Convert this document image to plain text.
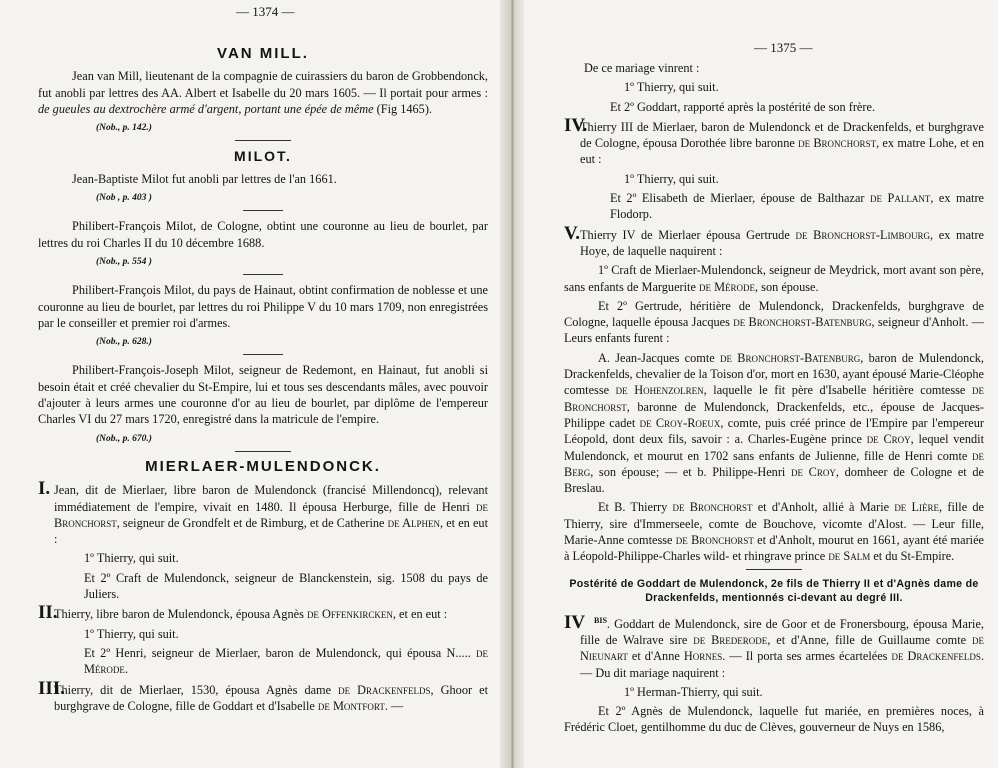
— 1374 —
VAN MILL.

Jean van Mill, lieutenant de la compagnie de cuirassiers du baron de Grobbendonck, fut anobli par lettres des AA. Albert et Isabelle du 20 mars 1605. — Il portait pour armes : de gueules au dextrochère armé d'argent, portant une épée de même (Fig 1465).

(Nob., p. 142.)
MILOT.

Jean-Baptiste Milot fut anobli par lettres de l'an 1661.

(Nob , p. 403 )

Philibert-François Milot, de Cologne, obtint une couronne au lieu de bourlet, par lettres du roi Charles II du 10 décembre 1688.

(Nob., p. 554 )

Philibert-François Milot, du pays de Hainaut, obtint confirmation de noblesse et une couronne au lieu de bourlet, par lettres du roi Philippe V du 10 mars 1709, non enregistrées par le conseiller et premier roi d'armes.

(Nob., p. 628.)

Philibert-François-Joseph Milot, seigneur de Redemont, en Hainaut, fut anobli si besoin était et créé chevalier du St-Empire, lui et tous ses descendants mâles, avec pouvoir d'ajouter à leurs armes une couronne d'or au lieu de bourlet, par diplôme de l'empereur Charles VI du 27 mars 1720, enregistré dans la matricule de l'empire.

(Nob., p. 670.)
MIERLAER-MULENDONCK.

I. Jean, dit de Mierlaer, libre baron de Mulendonck (francisé Millendoncq), relevant immédiatement de l'empire, vivait en 1480. Il épousa Herburge, fille de Henri de Bronchorst, seigneur de Grondfelt et de Rimburg, et de Catherine de Alphen, et en eut :

1º Thierry, qui suit.

Et 2º Craft de Mulendonck, seigneur de Blanckenstein, sig. 1508 du pays de Juliers.

II.Thierry, libre baron de Mulendonck, épousa Agnès de Offenkircken, et en eut :

1º Thierry, qui suit.

Et 2º Henri, seigneur de Mierlaer, baron de Mulendonck, qui épousa N..... de Mérode.

III.Thierry, dit de Mierlaer, 1530, épousa Agnès dame de Drackenfelds, Ghoor et burghgrave de Cologne, fille de Goddart et d'Isabelle de Montfort. —

— 1375 —

De ce mariage vinrent :

1º Thierry, qui suit.

Et 2º Goddart, rapporté après la postérité de son frère.

IV.Thierry III de Mierlaer, baron de Mulendonck et de Drackenfelds, et burghgrave de Cologne, épousa Dorothée libre baronne de Bronchorst, ex matre Lohe, et en eut :

1º Thierry, qui suit.

Et 2º Elisabeth de Mierlaer, épouse de Balthazar de Pallant, ex matre Flodorp.

V.Thierry IV de Mierlaer épousa Gertrude de Bronchorst-Limbourg, ex matre Hoye, de laquelle naquirent :

1º Craft de Mierlaer-Mulendonck, seigneur de Meydrick, mort avant son père, sans enfants de Marguerite de Mérode, son épouse.

Et 2º Gertrude, héritière de Mulendonck, Drackenfelds, burghgrave de Cologne, laquelle épousa Jacques de Bronchorst-Batenburg, seigneur d'Anholt. — Leurs enfants furent :

A. Jean-Jacques comte de Bronchorst-Batenburg, baron de Mulendonck, Drackenfelds, chevalier de la Toison d'or, mort en 1630, ayant épousé Marie-Cléophe comtesse de Hohenzolren, laquelle le fit père d'Isabelle héritière comtesse de Bronchorst, baronne de Mulendonck, Drackenfelds, etc., épouse de Jacques-Philippe cadet de Croy-Roeux, comte, puis créé prince de l'Empire par l'empereur Léopold, dont deux fils, savoir : a. Charles-Eugène prince de Croy, lequel vendit Mulendonck, et mourut en 1702 sans enfants de Julienne, fille de Henri comte de Berg, son épouse; — et b. Philippe-Henri de Croy, domheer de Cologne et de Breslau.

Et B. Thierry de Bronchorst et d'Anholt, allié à Marie de Lière, fille de Thierry, sire d'Immerseele, comte de Bouchove, vicomte d'Alost. — Leur fille, Marie-Anne comtesse de Bronchorst et d'Anholt, mourut en 1661, ayant été mariée à Léopold-Philippe-Charles wild- et rhingrave prince de Salm et du St-Empire.

Postérité de Goddart de Mulendonck, 2e fils de Thierry II et d'Agnès dame de Drackenfelds, mentionnés ci-devant au degré III.

IV $^{BIS}$. Goddart de Mulendonck, sire de Goor et de Fronersbourg, épousa Marie, fille de Walrave sire de Brederode, et d'Anne, fille de Guillaume comte de Nieunart et d'Anne Hornes. — Il porta ses armes écartelées de Drackenfelds. — Du dit mariage naquirent :

1º Herman-Thierry, qui suit.

Et 2º Agnès de Mulendonck, laquelle fut mariée, en premières noces, à Frédéric Cloet, gentilhomme du duc de Clèves, gouverneur de Nuys en 1586,
